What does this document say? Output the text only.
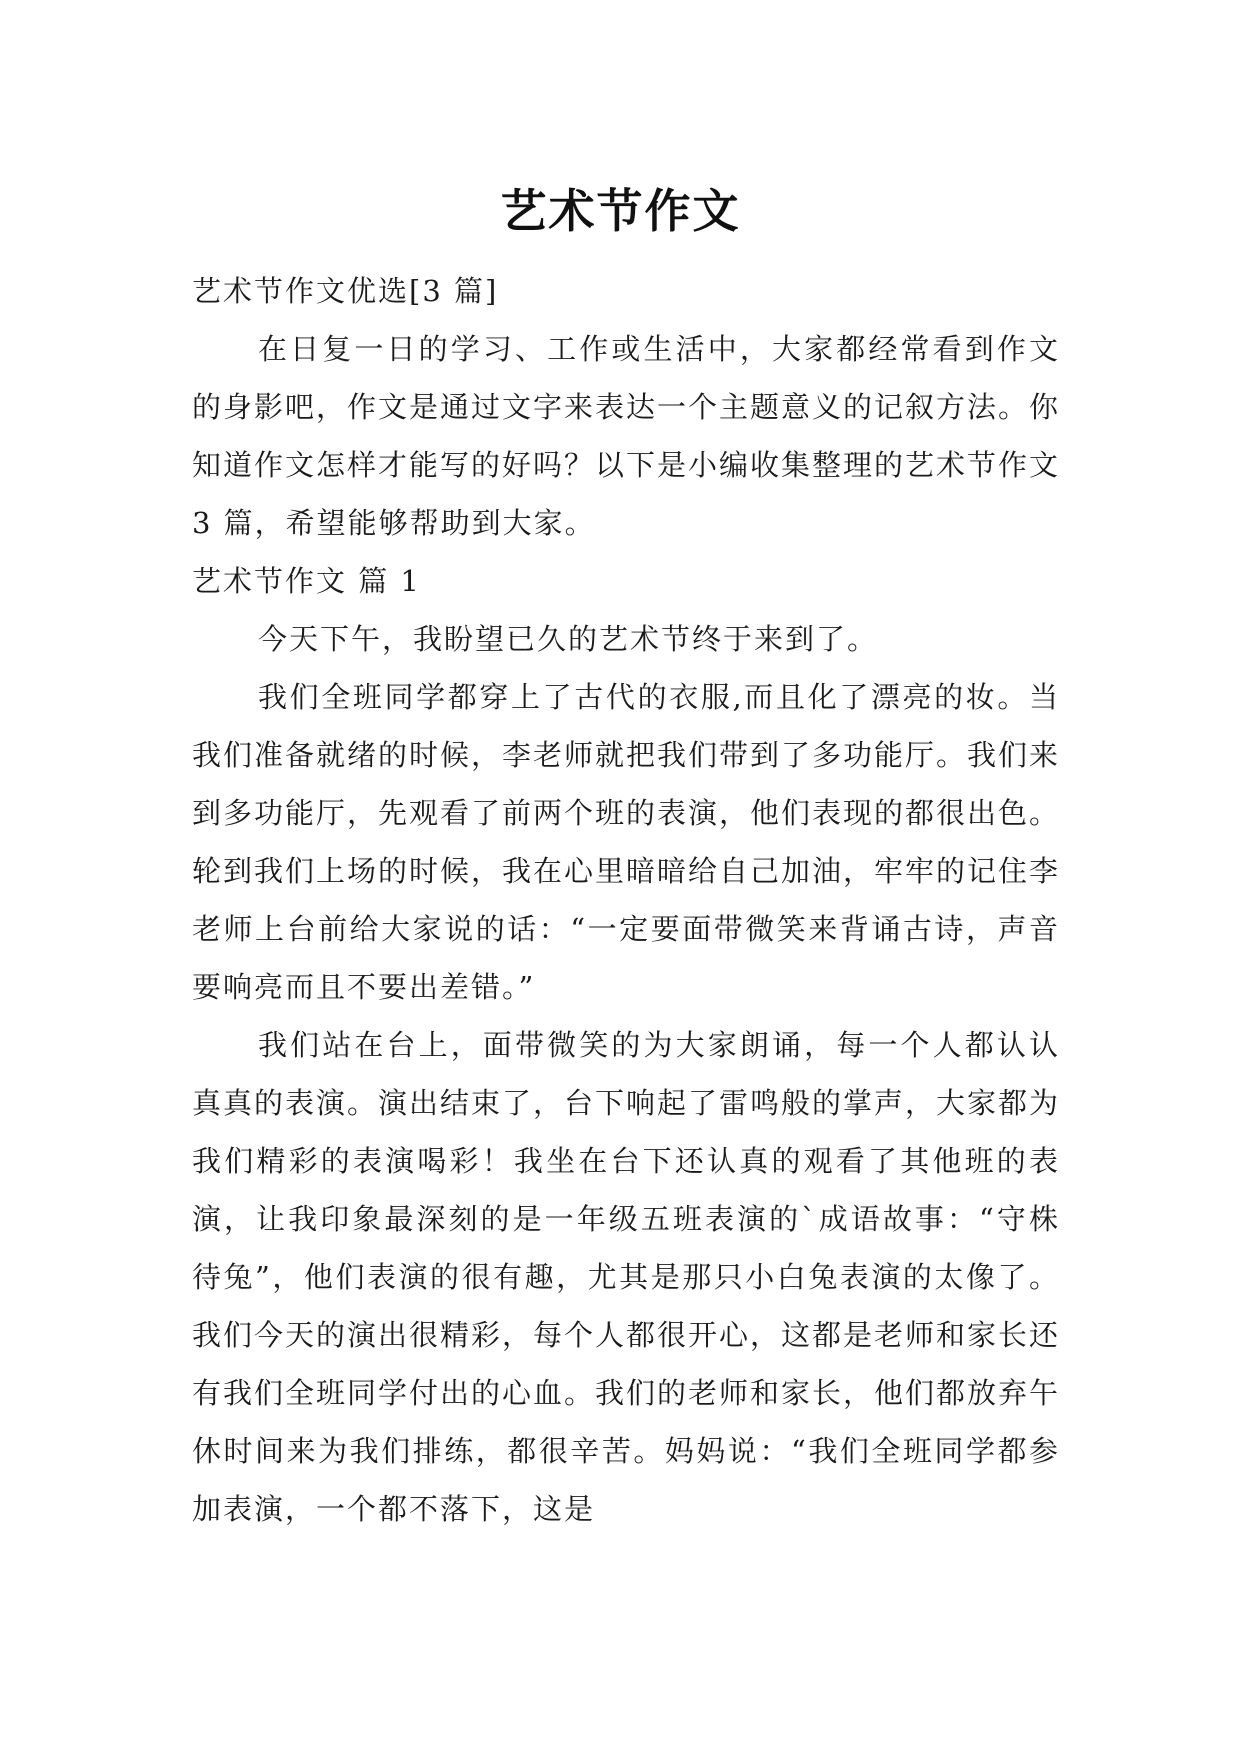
艺术节作文

艺术节作文优选[3 篇]

在日复一日的学习、工作或生活中，大家都经常看到作文的身影吧，作文是通过文字来表达一个主题意义的记叙方法。你知道作文怎样才能写的好吗？以下是小编收集整理的艺术节作文 3 篇，希望能够帮助到大家。

艺术节作文 篇 1

今天下午，我盼望已久的艺术节终于来到了。

我们全班同学都穿上了古代的衣服,而且化了漂亮的妆。当我们准备就绪的时候，李老师就把我们带到了多功能厅。我们来到多功能厅，先观看了前两个班的表演，他们表现的都很出色。轮到我们上场的时候，我在心里暗暗给自己加油，牢牢的记住李老师上台前给大家说的话：“一定要面带微笑来背诵古诗，声音要响亮而且不要出差错。”

我们站在台上，面带微笑的为大家朗诵，每一个人都认认真真的表演。演出结束了，台下响起了雷鸣般的掌声，大家都为我们精彩的表演喝彩！我坐在台下还认真的观看了其他班的表演，让我印象最深刻的是一年级五班表演的`成语故事：“守株待兔”，他们表演的很有趣，尤其是那只小白兔表演的太像了。我们今天的演出很精彩，每个人都很开心，这都是老师和家长还有我们全班同学付出的心血。我们的老师和家长，他们都放弃午休时间来为我们排练，都很辛苦。妈妈说：“我们全班同学都参加表演，一个都不落下，这是
